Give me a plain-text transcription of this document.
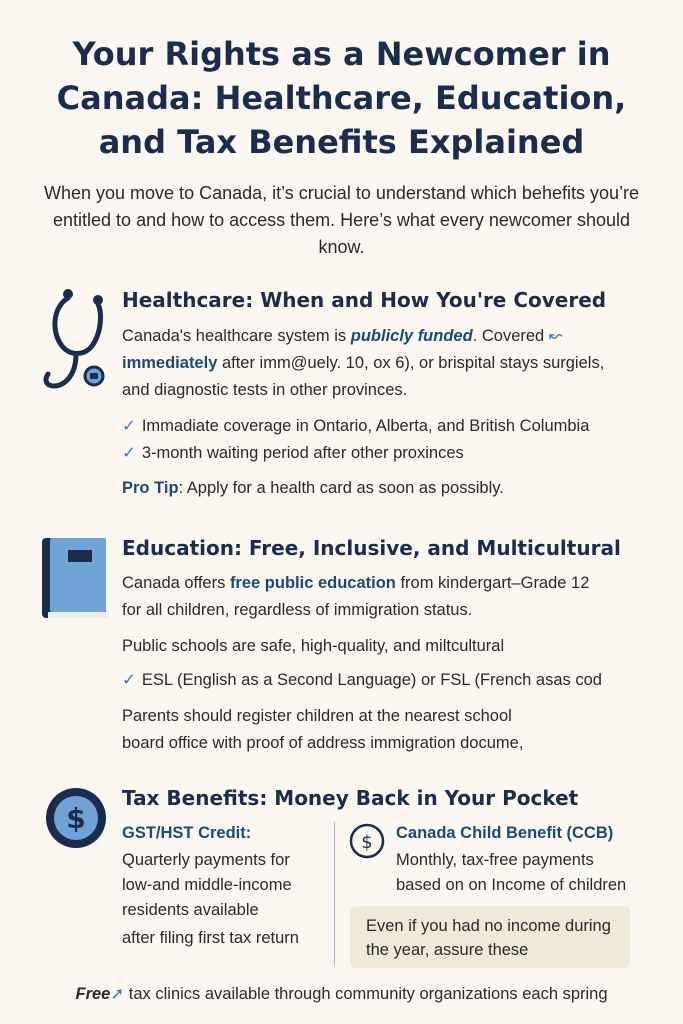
Your Rights as a Newcomer in Canada: Healthcare, Education, and Tax Benefits Explained

When you move to Canada, it’s crucial to understand which behefits you’re entitled to and how to access them. Here’s what every newcomer should know.

Healthcare: When and How You're Covered

Canada's healthcare system is publicly funded. Covered ↜

immediately after imm@uely. 10, ox 6), or brispital stays surgiels,

and diagnostic tests in other provinces.

✓ Immadiate coverage in Ontario, Alberta, and British Columbia
✓ 3-month waiting period after other proxinces

Pro Tip: Apply for a health card as soon as possibly.

Education: Free, Inclusive, and Multicultural

Canada offers free public education from kindergart–Grade 12

for all children, regardless of immigration status.

Public schools are safe, high-quality, and miltcultural

✓ ESL (English as a Second Language) or FSL (French asas cod

Parents should register children at the nearest school

board office with proof of address immigration docume,

$
Tax Benefits: Money Back in Your Pocket
GST/HST Credit:
Quarterly payments for
low-and middle-income
residents available
after filing first tax return
$ Canada Child Benefit (CCB)
Monthly, tax-free payments
based on on Income of children

Even if you had no income during the year, assure these

Free➚ tax clinics available through community organizations each spring
